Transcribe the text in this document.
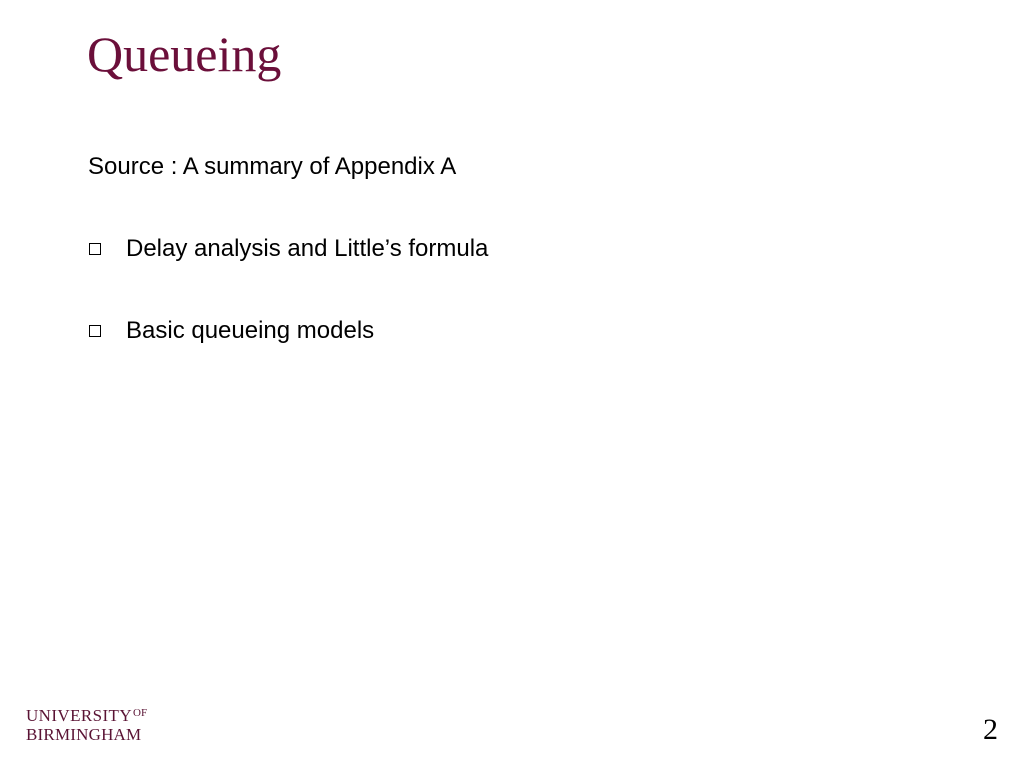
Queueing

Source : A summary of Appendix A

Delay analysis and Little’s formula
Basic queueing models
$UNIVERSITY^{OF}$
BIRMINGHAM	2
